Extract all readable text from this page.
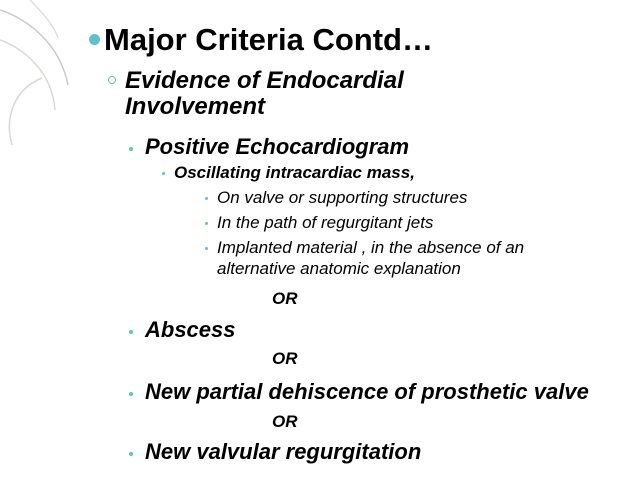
Major Criteria Contd…
Evidence of Endocardial
Involvement
Positive Echocardiogram
Oscillating intracardiac mass,
On valve or supporting structures
In the path of regurgitant jets
Implanted material , in the absence of an
alternative anatomic explanation
OR
Abscess
OR
New partial dehiscence of prosthetic valve
OR
New valvular regurgitation
